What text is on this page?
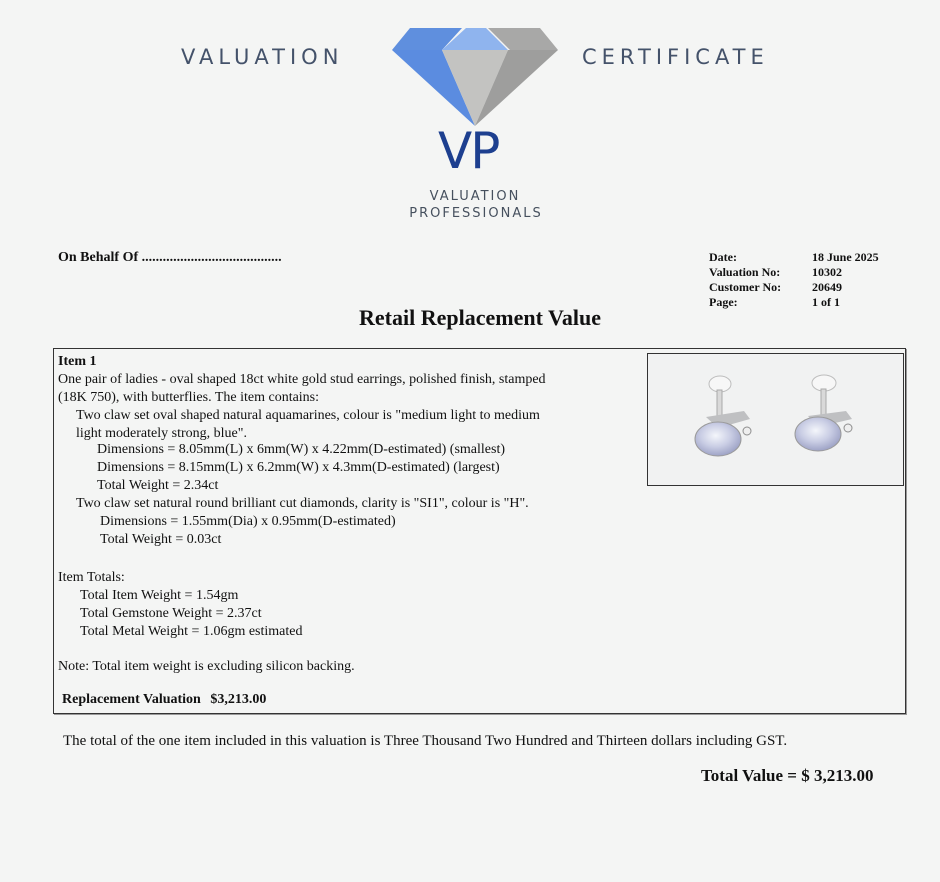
VALUATION	CERTIFICATE
VP
VALUATION
PROFESSIONALS
On Behalf Of ........................................	Date:	18 June 2025
Valuation No:	10302
Customer No:	20649
Page:	1 of 1
Retail Replacement Value
Item 1
One pair of ladies - oval shaped 18ct white gold stud earrings, polished finish, stamped
(18K 750), with butterflies. The item contains:
Two claw set oval shaped natural aquamarines, colour is "medium light to medium
light moderately strong, blue".
Dimensions = 8.05mm(L) x 6mm(W) x 4.22mm(D-estimated) (smallest)
Dimensions = 8.15mm(L) x 6.2mm(W) x 4.3mm(D-estimated) (largest)
Total Weight = 2.34ct
Two claw set natural round brilliant cut diamonds, clarity is "SI1", colour is "H".
Dimensions = 1.55mm(Dia) x 0.95mm(D-estimated)
Total Weight = 0.03ct
Item Totals:
Total Item Weight = 1.54gm
Total Gemstone Weight = 2.37ct
Total Metal Weight = 1.06gm estimated
Note: Total item weight is excluding silicon backing.
Replacement Valuation $3,213.00
The total of the one item included in this valuation is Three Thousand Two Hundred and Thirteen dollars including GST.
Total Value = $ 3,213.00
